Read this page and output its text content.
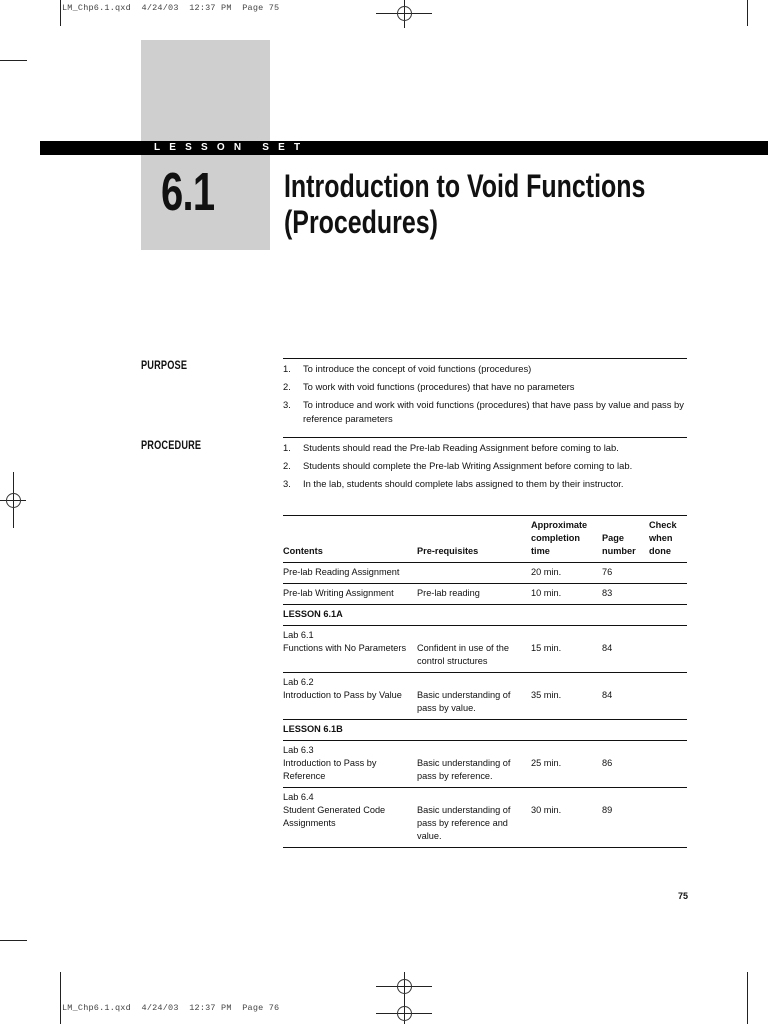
LM_Chp6.1.qxd  4/24/03  12:37 PM  Page 75
LM_Chp6.1.qxd  4/24/03  12:37 PM  Page 76
LESSON SET
6.1 Introduction to Void Functions
(Procedures)
PURPOSE	1. To introduce the concept of void functions (procedures)
2. To work with void functions (procedures) that have no parameters
3. To introduce and work with void functions (procedures) that have pass by value and pass by reference parameters
PROCEDURE	1. Students should read the Pre-lab Reading Assignment before coming to lab.
2. Students should complete the Pre-lab Writing Assignment before coming to lab.
3. In the lab, students should complete labs assigned to them by their instructor.
Contents	Pre-requisites	Approximate
completion
time	Page
number	Check
when
done
Pre-lab Reading Assignment		20 min.	76	
Pre-lab Writing Assignment	Pre-lab reading	10 min.	83	
LESSON 6.1A				

Lab 6.1
Functions with No Parameters	Confident in use of the control structures	15 min.	84	

Lab 6.2
Introduction to Pass by Value	Basic understanding of pass by value.	35 min.	84	
LESSON 6.1B				

Lab 6.3
Introduction to Pass by Reference	Basic understanding of pass by reference.	25 min.	86	

Lab 6.4
Student Generated Code Assignments	Basic understanding of pass by reference and value.	30 min.	89	
75
